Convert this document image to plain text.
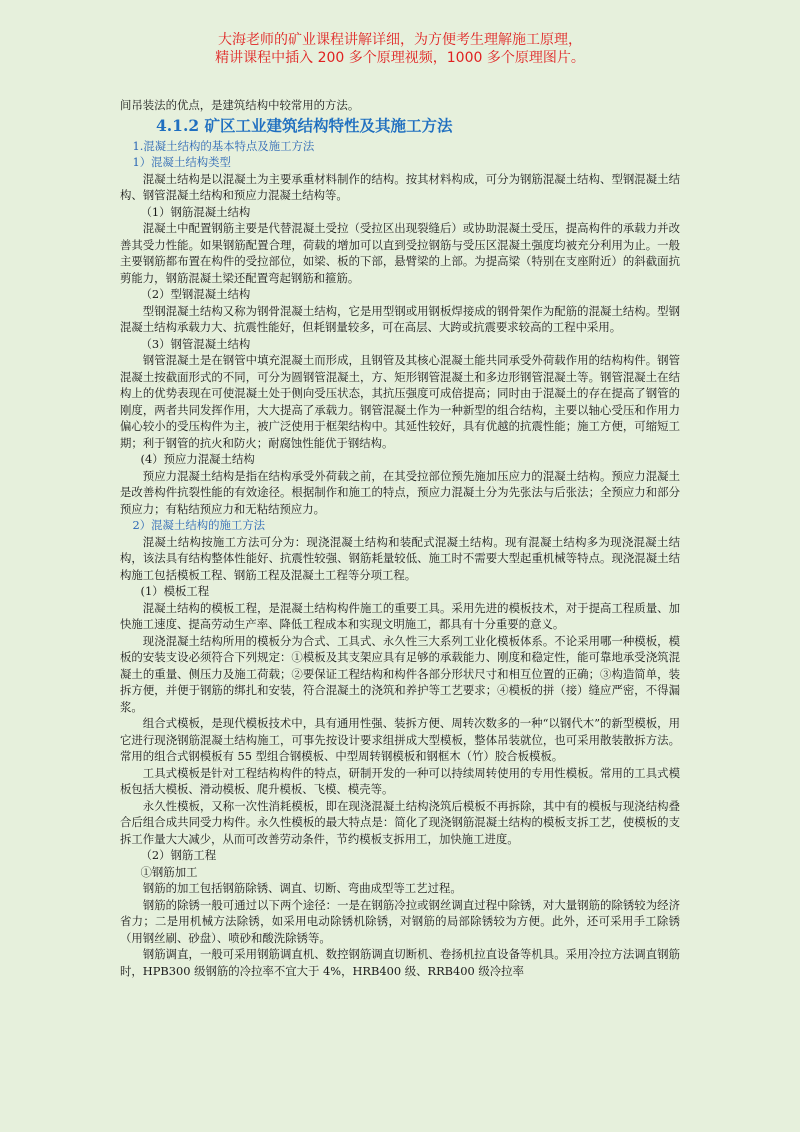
大海老师的矿业课程讲解详细，为方便考生理解施工原理，
精讲课程中插入 200 多个原理视频，1000 多个原理图片。

间吊装法的优点，是建筑结构中较常用的方法。

4.1.2 矿区工业建筑结构特性及其施工方法

1.混凝土结构的基本特点及施工方法

1）混凝土结构类型

混凝土结构是以混凝土为主要承重材料制作的结构。按其材料构成，可分为钢筋混凝土结构、型钢混凝土结构、钢管混凝土结构和预应力混凝土结构等。

（1）钢筋混凝土结构

混凝土中配置钢筋主要是代替混凝土受拉（受拉区出现裂缝后）或协助混凝土受压，提高构件的承载力并改善其受力性能。如果钢筋配置合理，荷载的增加可以直到受拉钢筋与受压区混凝土强度均被充分利用为止。一般主要钢筋都布置在构件的受拉部位，如梁、板的下部，悬臂梁的上部。为提高梁（特别在支座附近）的斜截面抗剪能力，钢筋混凝土梁还配置弯起钢筋和箍筋。

（2）型钢混凝土结构

型钢混凝土结构又称为钢骨混凝土结构，它是用型钢或用钢板焊接成的钢骨架作为配筋的混凝土结构。型钢混凝土结构承载力大、抗震性能好，但耗钢量较多，可在高层、大跨或抗震要求较高的工程中采用。

（3）钢管混凝土结构

钢管混凝土是在钢管中填充混凝土而形成，且钢管及其核心混凝土能共同承受外荷载作用的结构构件。钢管混凝土按截面形式的不同，可分为圆钢管混凝土，方、矩形钢管混凝土和多边形钢管混凝土等。钢管混凝土在结构上的优势表现在可使混凝土处于侧向受压状态，其抗压强度可成倍提高；同时由于混凝土的存在提高了钢管的刚度，两者共同发挥作用，大大提高了承载力。钢管混凝土作为一种新型的组合结构，主要以轴心受压和作用力偏心较小的受压构件为主，被广泛使用于框架结构中。其延性较好，具有优越的抗震性能；施工方便，可缩短工期；利于钢管的抗火和防火；耐腐蚀性能优于钢结构。

(4）预应力混凝土结构

预应力混凝土结构是指在结构承受外荷载之前，在其受拉部位预先施加压应力的混凝土结构。预应力混凝土是改善构件抗裂性能的有效途径。根据制作和施工的特点，预应力混凝土分为先张法与后张法；全预应力和部分预应力；有粘结预应力和无粘结预应力。

2）混凝土结构的施工方法

混凝土结构按施工方法可分为：现浇混凝土结构和装配式混凝土结构。现有混凝土结构多为现浇混凝土结构，该法具有结构整体性能好、抗震性较强、钢筋耗量较低、施工时不需要大型起重机械等特点。现浇混凝土结构施工包括模板工程、钢筋工程及混凝土工程等分项工程。

(1）模板工程

混凝土结构的模板工程，是混凝土结构构件施工的重要工具。采用先进的模板技术，对于提高工程质量、加快施工速度、提高劳动生产率、降低工程成本和实现文明施工，都具有十分重要的意义。

现浇混凝土结构所用的模板分为合式、工具式、永久性三大系列工业化模板体系。不论采用哪一种模板，模板的安装支设必须符合下列规定：①模板及其支架应具有足够的承载能力、刚度和稳定性，能可靠地承受浇筑混凝土的重量、侧压力及施工荷载；②要保证工程结构和构件各部分形状尺寸和相互位置的正确；③构造简单，装拆方便，并便于钢筋的绑扎和安装，符合混凝土的浇筑和养护等工艺要求；④模板的拼（接）缝应严密，不得漏浆。

组合式模板，是现代模板技术中，具有通用性强、装拆方便、周转次数多的一种“以钢代木”的新型模板，用它进行现浇钢筋混凝土结构施工，可事先按设计要求组拼成大型模板，整体吊装就位，也可采用散装散拆方法。常用的组合式钢模板有 55 型组合钢模板、中型周转钢模板和钢框木（竹）胶合板模板。

工具式模板是针对工程结构构件的特点，研制开发的一种可以持续周转使用的专用性模板。常用的工具式模板包括大模板、滑动模板、爬升模板、飞模、模壳等。

永久性模板，又称一次性消耗模板，即在现浇混凝土结构浇筑后模板不再拆除，其中有的模板与现浇结构叠合后组合成共同受力构件。永久性模板的最大特点是：简化了现浇钢筋混凝土结构的模板支拆工艺，使模板的支拆工作量大大减少，从而可改善劳动条件，节约模板支拆用工，加快施工进度。

（2）钢筋工程

①钢筋加工

钢筋的加工包括钢筋除锈、调直、切断、弯曲成型等工艺过程。

钢筋的除锈一般可通过以下两个途径：一是在钢筋冷拉或钢丝调直过程中除锈，对大量钢筋的除锈较为经济省力；二是用机械方法除锈，如采用电动除锈机除锈，对钢筋的局部除锈较为方便。此外，还可采用手工除锈（用钢丝刷、砂盘）、喷砂和酸洗除锈等。

钢筋调直，一般可采用钢筋调直机、数控钢筋调直切断机、卷扬机拉直设备等机具。采用冷拉方法调直钢筋时，HPB300 级钢筋的冷拉率不宜大于 4%，HRB400 级、RRB400 级冷拉率
